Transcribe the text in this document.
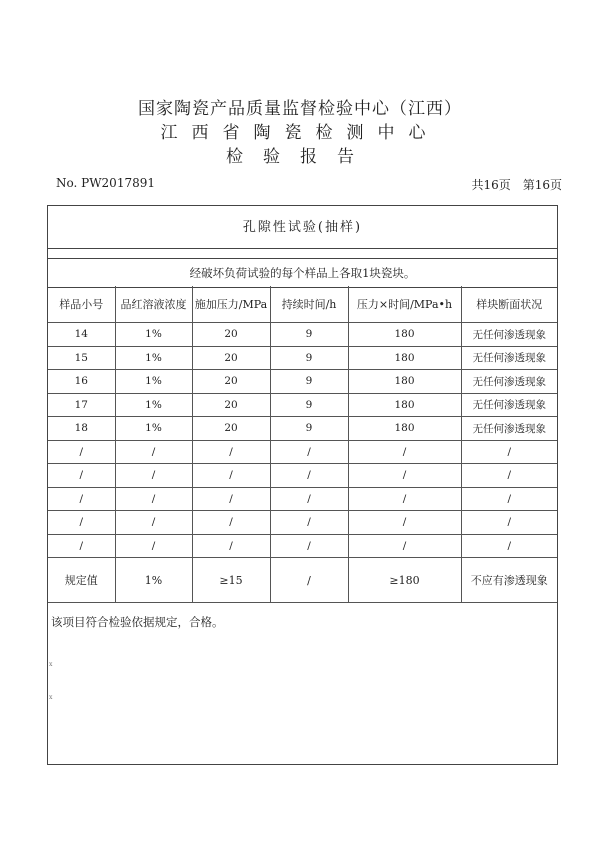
国家陶瓷产品质量监督检验中心（江西）
江西省陶瓷检测中心
检验报告
No. PW2017891	共16页　第16页
孔隙性试验(抽样)
经破坏负荷试验的每个样品上各取1块瓷块。
样品小号	品红溶液浓度	施加压力/MPa	持续时间/h	压力×时间/MPa•h	样块断面状况
14	1%	20	9	180	无任何渗透现象
15	1%	20	9	180	无任何渗透现象
16	1%	20	9	180	无任何渗透现象
17	1%	20	9	180	无任何渗透现象
18	1%	20	9	180	无任何渗透现象
/	/	/	/	/	/
/	/	/	/	/	/
/	/	/	/	/	/
/	/	/	/	/	/
/	/	/	/	/	/
规定值	1%	≥15	/	≥180	不应有渗透现象
该项目符合检验依据规定，合格。
x
x
